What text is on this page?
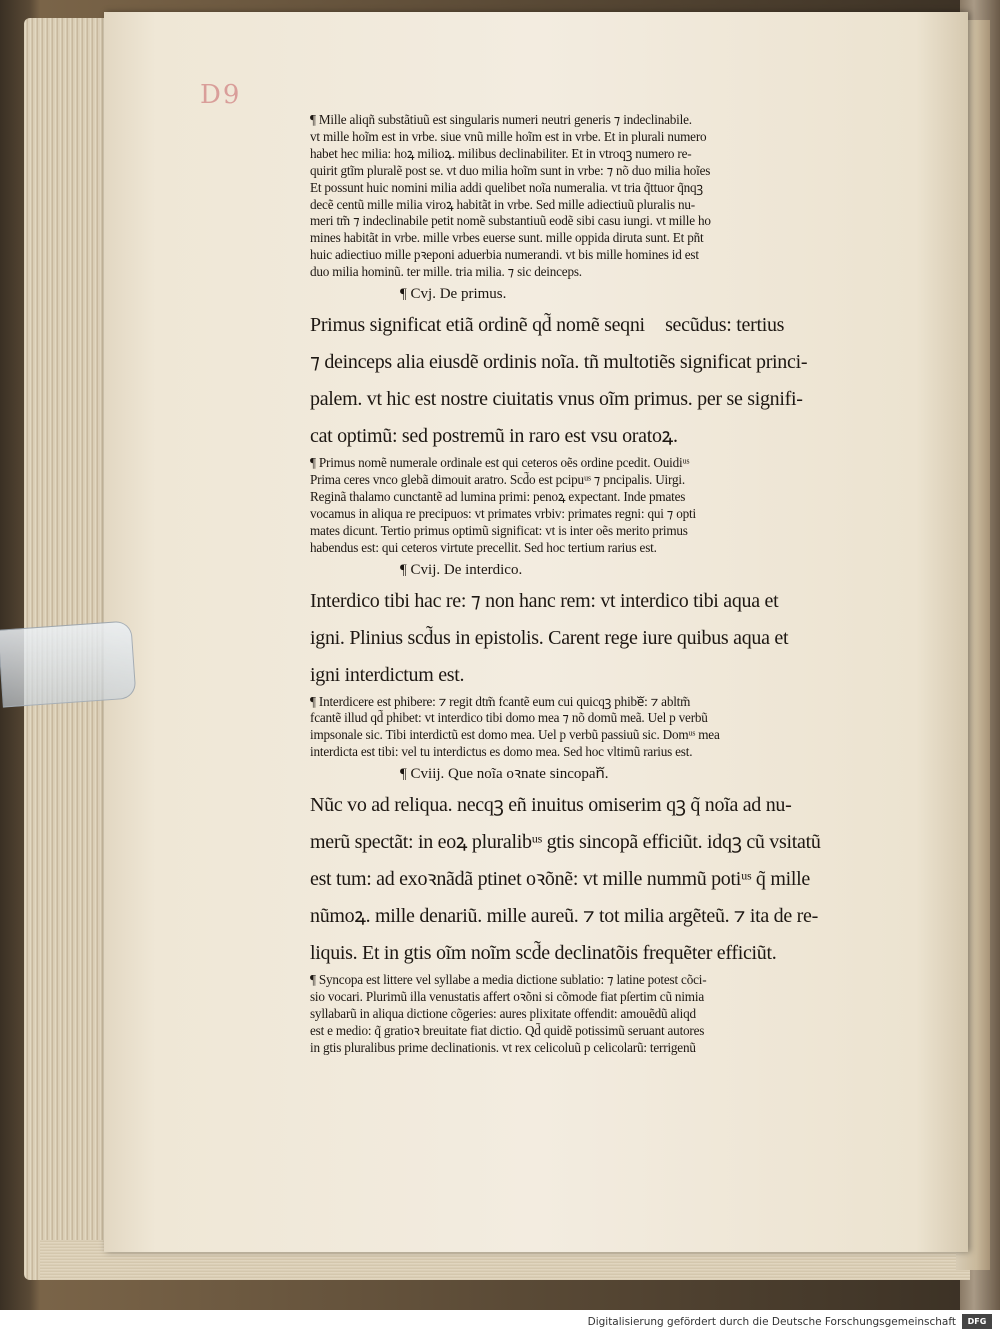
D9
¶ Mille aliqñ substãtiuũ est singularis numeri neutri generis ⁊ indeclinabile.
vt mille hoĩm est in vrbe. siue vnũ mille hoĩm est in vrbe. Et in plurali numero
habet hec milia: hoꝝ milioꝝ. milibus declinabiliter. Et in vtroqꝫ numero re-
quirit gtĩm pluralẽ post se. vt duo milia hoĩm sunt in vrbe: ⁊ nõ duo milia hoĩes
Et possunt huic nomini milia addi quelibet noĩa numeralia. vt tria q̃ttuor q̃nqꝫ
decẽ centũ mille milia viroꝝ habitãt in vrbe. Sed mille adiectiuũ pluralis nu-
meri tm̃ ⁊ indeclinabile petit nomẽ substantiuũ eodẽ sibi casu iungi. vt mille ho
mines habitãt in vrbe. mille vrbes euerse sunt. mille oppida diruta sunt. Et pñt
huic adiectiuo mille pꝛeponi aduerbia numerandi. vt bis mille homines id est
duo milia hominũ. ter mille. tria milia. ⁊ sic deinceps.
¶ Cvj. De primus.
Primus significat etiã ordinẽ qd̃ nomẽ seqniᷓ secũdus: tertius
⁊ deinceps alia eiusdẽ ordinis noĩa. tñ multotiẽs significat princi-
palem. vt hic est nostre ciuitatis vnus oĩm primus. per se signifi-
cat optimũ: sed postremũ in raro est vsu oratoꝝ.
¶ Primus nomẽ numerale ordinale est qui ceteros oẽs ordine pcedit. Ouidiᵘˢ
Prima ceres vnco glebã dimouit aratro. Scd̃o est pcipuᵘˢ ⁊ pncipalis. Uirgi.
Reginã thalamo cunctantẽ ad lumina primi: penoꝝ expectant. Inde pmates
vocamus in aliqua re precipuos: vt primates vrbiv: primates regni: qui ⁊ opti
mates dicunt. Tertio primus optimũ significat: vt is inter oẽs merito primus
habendus est: qui ceteros virtute precellit. Sed hoc tertium rarius est.
¶ Cvij. De interdico.
Interdico tibi hac re: ⁊ non hanc rem: vt interdico tibi aqua et
igni. Plinius scd̃us in epistolis. Carent rege iure quibus aqua et
igni interdictum est.
¶ Interdicere est phibere: ⁊ regit dtm̃ fcantẽ eum cui quicqꝫ phibeᷓ: ⁊ abltm̃
fcantẽ illud qd̃ phibet: vt interdico tibi domo mea ⁊ nõ domũ meã. Uel p verbũ
impsonale sic. Tibi interdictũ est domo mea. Uel p verbũ passiuũ sic. Domᵘˢ mea
interdicta est tibi: vel tu interdictus es domo mea. Sed hoc vltimũ rarius est.
¶ Cviij. Que noĩa oꝛnate sincopanᷓ.
Nũc vo ad reliqua. necqꝫ eñ inuitus omiserim qꝫ q̃ noĩa ad nu-
merũ spectãt: in eoꝝ pluralibᵘˢ gtis sincopã efficiũt. idqꝫ cũ vsitatũ
est tum: ad exoꝛnãdã ptinet oꝛõnẽ: vt mille nummũ potiᵘˢ q̃ mille
nũmoꝝ. mille denariũ. mille aureũ. ⁊ tot milia argẽteũ. ⁊ ita de re-
liquis. Et in gtis oĩm noĩm scd̃e declinatõis frequẽter efficiũt.
¶ Syncopa est littere vel syllabe a media dictione sublatio: ⁊ latine potest cõci-
sio vocari. Plurimũ illa venustatis affert oꝛõni si cõmode fiat pſertim cũ nimia
syllabarũ in aliqua dictione cõgeries: aures plixitate offendit: amouẽdũ aliqd
est e medio: q̃ gratioꝛ breuitate fiat dictio. Qd̃ quidẽ potissimũ seruant autores
in gtis pluralibus prime declinationis. vt rex celicoluũ p celicolarũ: terrigenũ
Digitalisierung gefördert durch die Deutsche Forschungsgemeinschaft	DFG
